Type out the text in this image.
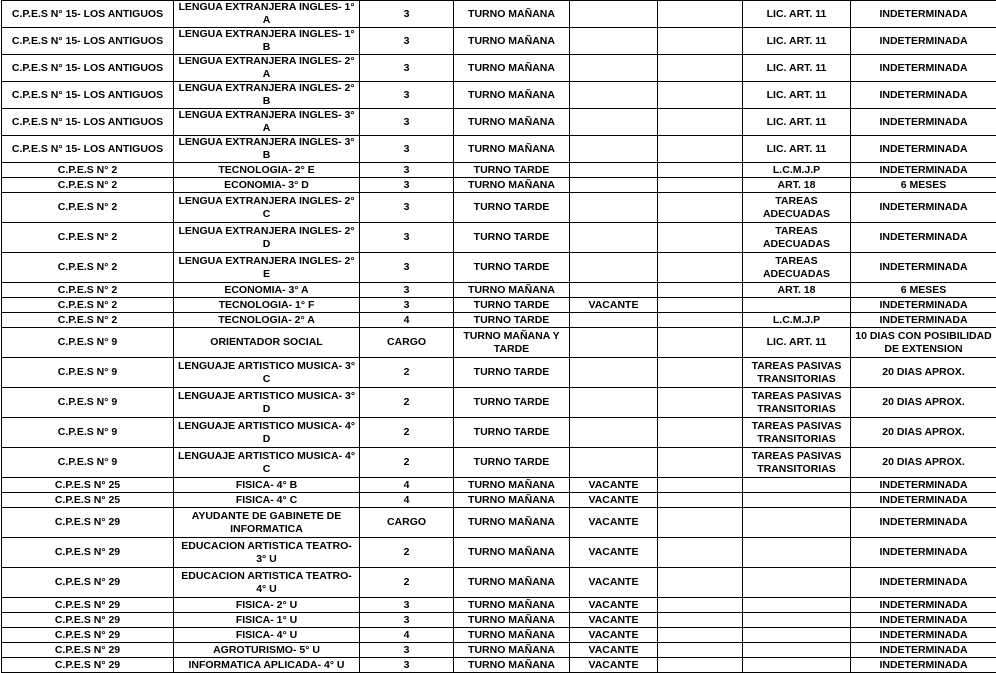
C.P.E.S N° 15- LOS ANTIGUOS	LENGUA EXTRANJERA INGLES- 1° A	3	TURNO MAÑANA			LIC. ART. 11	INDETERMINADA
C.P.E.S N° 15- LOS ANTIGUOS	LENGUA EXTRANJERA INGLES- 1° B	3	TURNO MAÑANA			LIC. ART. 11	INDETERMINADA
C.P.E.S N° 15- LOS ANTIGUOS	LENGUA EXTRANJERA INGLES- 2° A	3	TURNO MAÑANA			LIC. ART. 11	INDETERMINADA
C.P.E.S N° 15- LOS ANTIGUOS	LENGUA EXTRANJERA INGLES- 2° B	3	TURNO MAÑANA			LIC. ART. 11	INDETERMINADA
C.P.E.S N° 15- LOS ANTIGUOS	LENGUA EXTRANJERA INGLES- 3° A	3	TURNO MAÑANA			LIC. ART. 11	INDETERMINADA
C.P.E.S N° 15- LOS ANTIGUOS	LENGUA EXTRANJERA INGLES- 3° B	3	TURNO MAÑANA			LIC. ART. 11	INDETERMINADA
C.P.E.S N° 2	TECNOLOGIA- 2° E	3	TURNO TARDE			L.C.M.J.P	INDETERMINADA
C.P.E.S N° 2	ECONOMIA- 3° D	3	TURNO MAÑANA			ART. 18	6 MESES
C.P.E.S N° 2	LENGUA EXTRANJERA INGLES- 2° C	3	TURNO TARDE			TAREAS ADECUADAS	INDETERMINADA
C.P.E.S N° 2	LENGUA EXTRANJERA INGLES- 2° D	3	TURNO TARDE			TAREAS ADECUADAS	INDETERMINADA
C.P.E.S N° 2	LENGUA EXTRANJERA INGLES- 2° E	3	TURNO TARDE			TAREAS ADECUADAS	INDETERMINADA
C.P.E.S N° 2	ECONOMIA- 3° A	3	TURNO MAÑANA			ART. 18	6 MESES
C.P.E.S N° 2	TECNOLOGIA- 1° F	3	TURNO TARDE	VACANTE			INDETERMINADA
C.P.E.S N° 2	TECNOLOGIA- 2° A	4	TURNO TARDE			L.C.M.J.P	INDETERMINADA
C.P.E.S N° 9	ORIENTADOR SOCIAL	CARGO	TURNO MAÑANA Y TARDE			LIC. ART. 11	10 DIAS CON POSIBILIDAD DE EXTENSION
C.P.E.S N° 9	LENGUAJE ARTISTICO MUSICA- 3° C	2	TURNO TARDE			TAREAS PASIVAS TRANSITORIAS	20 DIAS APROX.
C.P.E.S N° 9	LENGUAJE ARTISTICO MUSICA- 3° D	2	TURNO TARDE			TAREAS PASIVAS TRANSITORIAS	20 DIAS APROX.
C.P.E.S N° 9	LENGUAJE ARTISTICO MUSICA- 4° D	2	TURNO TARDE			TAREAS PASIVAS TRANSITORIAS	20 DIAS APROX.
C.P.E.S N° 9	LENGUAJE ARTISTICO MUSICA- 4° C	2	TURNO TARDE			TAREAS PASIVAS TRANSITORIAS	20 DIAS APROX.
C.P.E.S N° 25	FISICA- 4° B	4	TURNO MAÑANA	VACANTE			INDETERMINADA
C.P.E.S N° 25	FISICA- 4° C	4	TURNO MAÑANA	VACANTE			INDETERMINADA
C.P.E.S N° 29	AYUDANTE DE GABINETE DE INFORMATICA	CARGO	TURNO MAÑANA	VACANTE			INDETERMINADA
C.P.E.S N° 29	EDUCACION ARTISTICA TEATRO- 3° U	2	TURNO MAÑANA	VACANTE			INDETERMINADA
C.P.E.S N° 29	EDUCACION ARTISTICA TEATRO- 4° U	2	TURNO MAÑANA	VACANTE			INDETERMINADA
C.P.E.S N° 29	FISICA- 2° U	3	TURNO MAÑANA	VACANTE			INDETERMINADA
C.P.E.S N° 29	FISICA- 1° U	3	TURNO MAÑANA	VACANTE			INDETERMINADA
C.P.E.S N° 29	FISICA- 4° U	4	TURNO MAÑANA	VACANTE			INDETERMINADA
C.P.E.S N° 29	AGROTURISMO- 5° U	3	TURNO MAÑANA	VACANTE			INDETERMINADA
C.P.E.S N° 29	INFORMATICA APLICADA- 4° U	3	TURNO MAÑANA	VACANTE			INDETERMINADA
